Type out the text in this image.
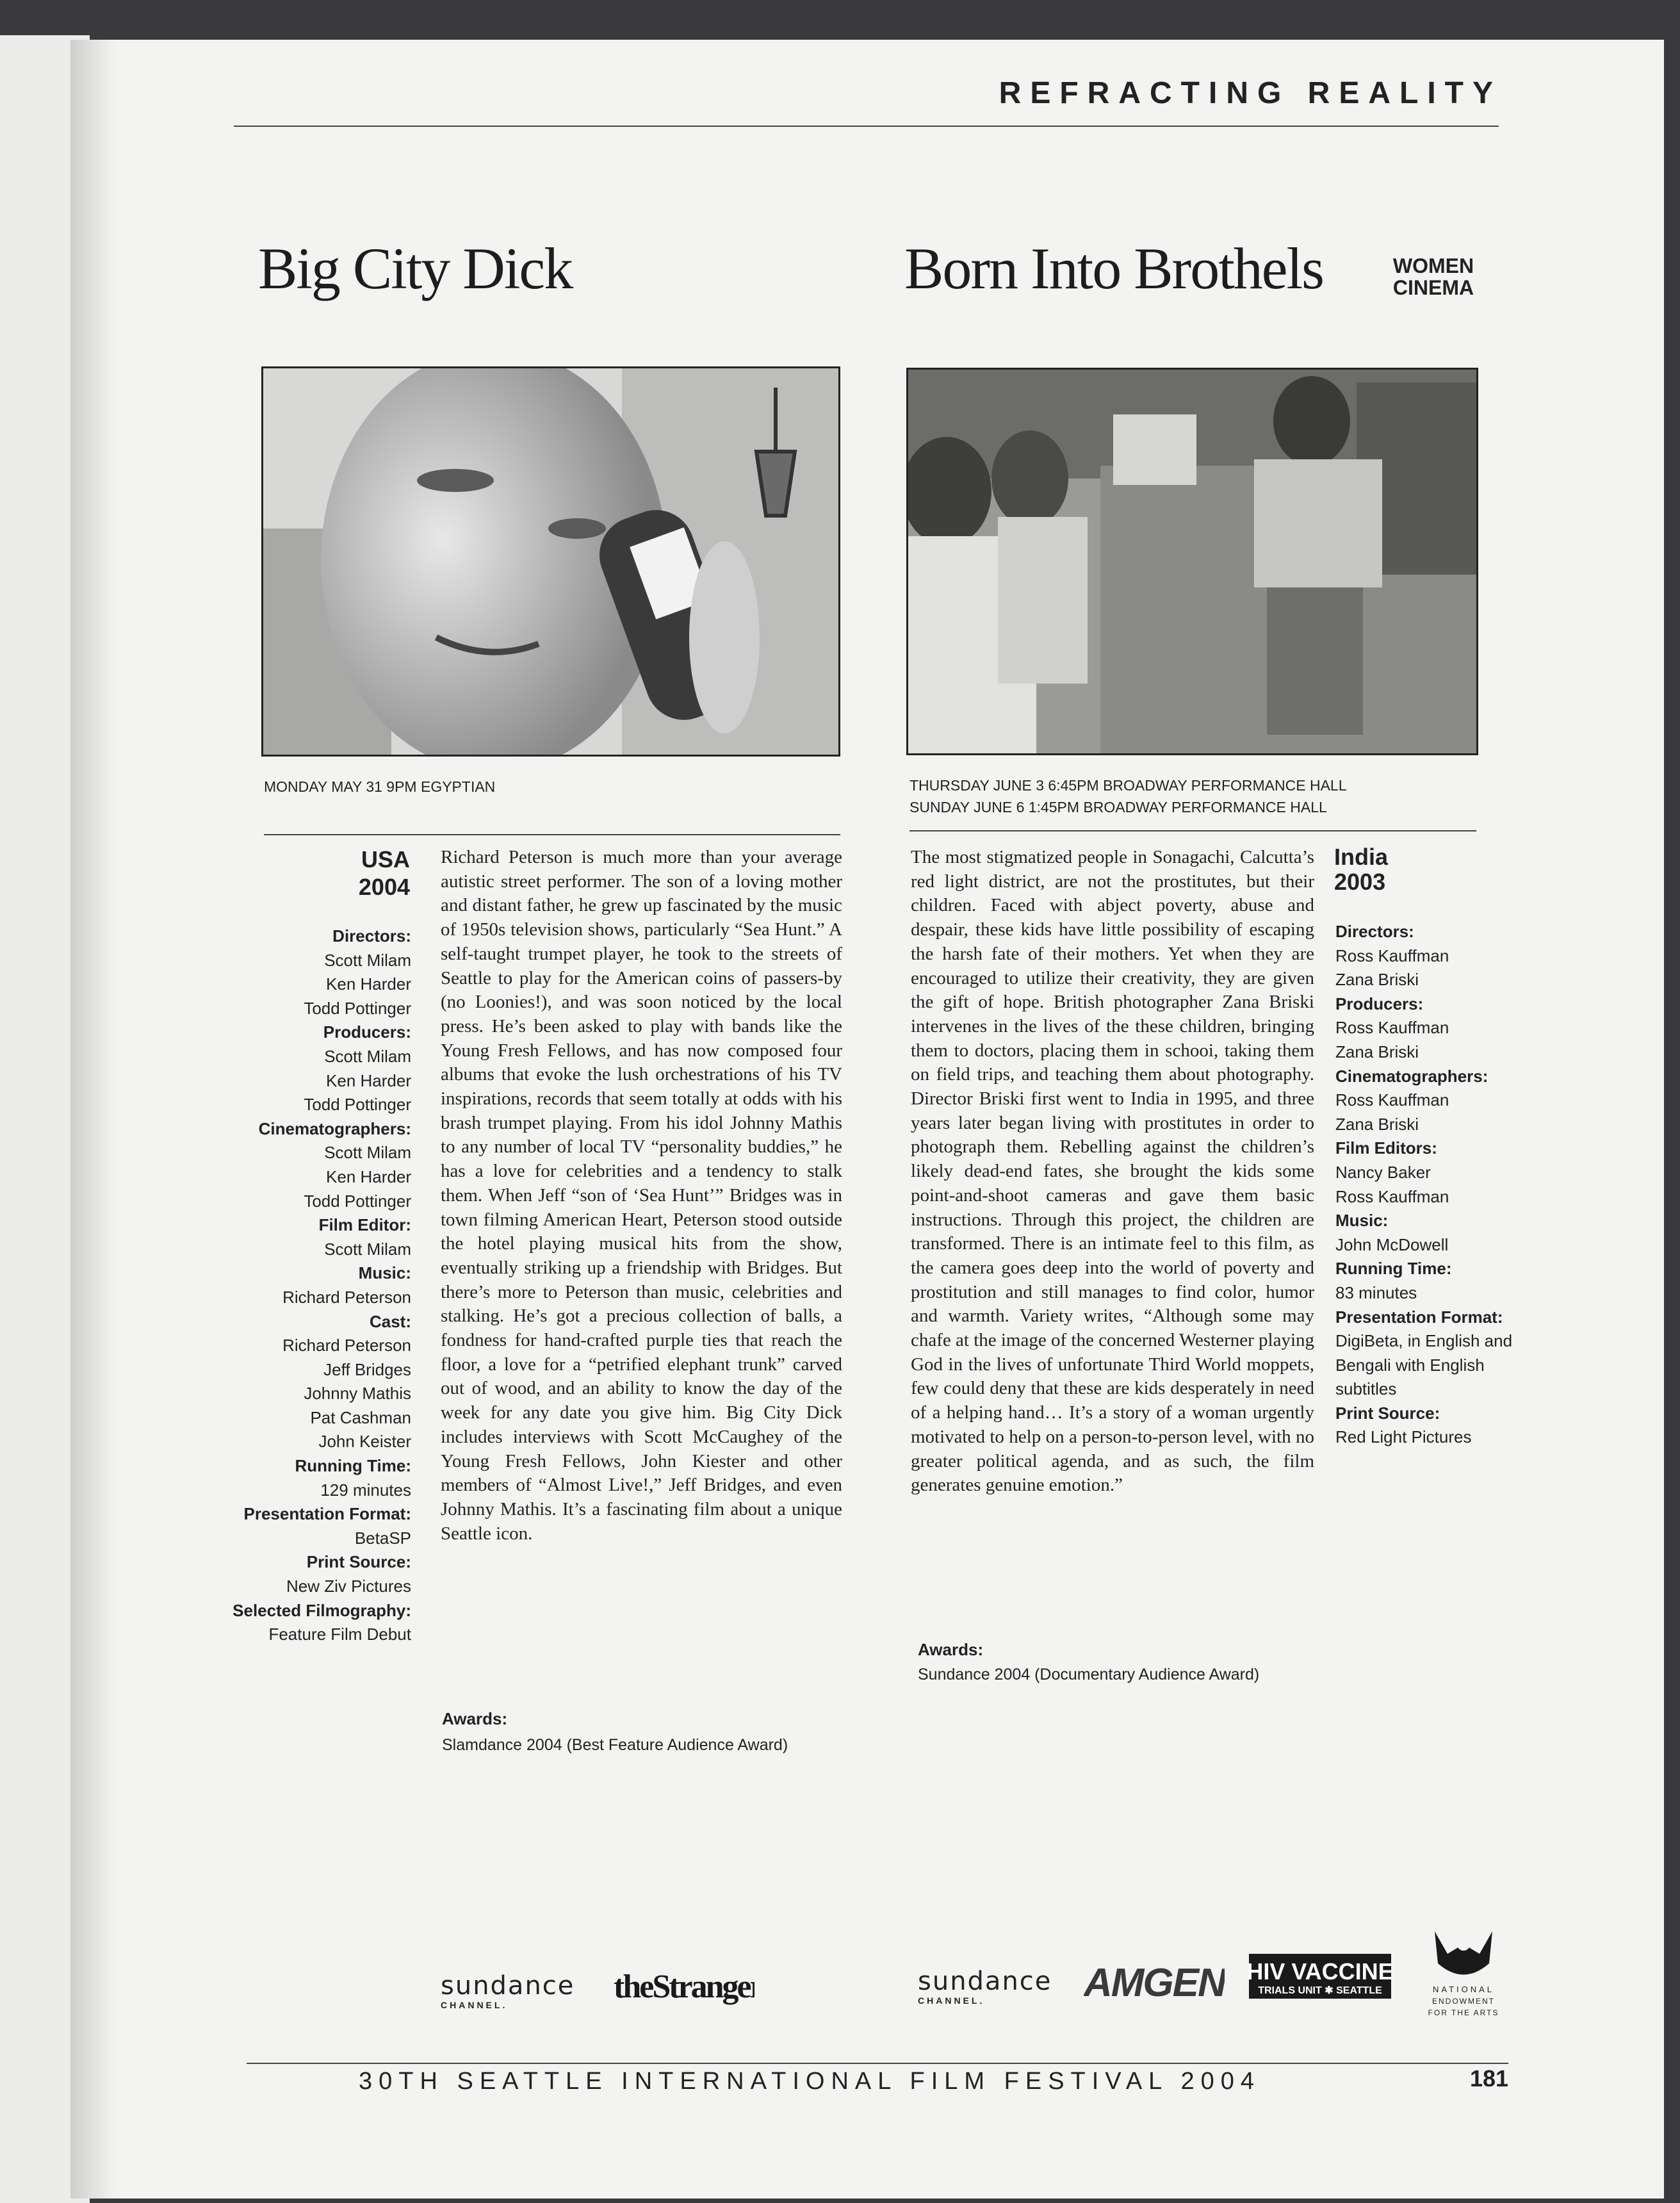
REFRACTING REALITY
Big City Dick
MONDAY MAY 31 9PM EGYPTIAN
USA
2004
Directors:
Scott Milam
Ken Harder
Todd Pottinger
Producers:
Scott Milam
Ken Harder
Todd Pottinger
Cinematographers:
Scott Milam
Ken Harder
Todd Pottinger
Film Editor:
Scott Milam
Music:
Richard Peterson
Cast:
Richard Peterson
Jeff Bridges
Johnny Mathis
Pat Cashman
John Keister
Running Time:
129 minutes
Presentation Format:
BetaSP
Print Source:
New Ziv Pictures
Selected Filmography:
Feature Film Debut
Richard Peterson is much more than your average autistic street performer. The son of a loving mother and distant father, he grew up fascinated by the music of 1950s television shows, particularly “Sea Hunt.” A self-taught trumpet player, he took to the streets of Seattle to play for the American coins of passers-by (no Loonies!), and was soon noticed by the local press. He’s been asked to play with bands like the Young Fresh Fellows, and has now composed four albums that evoke the lush orchestrations of his TV inspirations, records that seem totally at odds with his brash trumpet playing. From his idol Johnny Mathis to any number of local TV “personality buddies,” he has a love for celebrities and a tendency to stalk them. When Jeff “son of ‘Sea Hunt’” Bridges was in town filming American Heart, Peterson stood outside the hotel playing musical hits from the show, eventually striking up a friendship with Bridges. But there’s more to Peterson than music, celebrities and stalking. He’s got a precious collection of balls, a fondness for hand-crafted purple ties that reach the floor, a love for a “petrified elephant trunk” carved out of wood, and an ability to know the day of the week for any date you give him. Big City Dick includes interviews with Scott McCaughey of the Young Fresh Fellows, John Kiester and other members of “Almost Live!,” Jeff Bridges, and even Johnny Mathis. It’s a fascinating film about a unique Seattle icon.
Awards:
Slamdance 2004 (Best Feature Audience Award)
sundance
CHANNEL.	theStranger
Born Into Brothels	WOMEN CINEMA
THURSDAY JUNE 3 6:45PM BROADWAY PERFORMANCE HALL
SUNDAY JUNE 6 1:45PM BROADWAY PERFORMANCE HALL
The most stigmatized people in Sonagachi, Calcutta’s red light district, are not the prostitutes, but their children. Faced with abject poverty, abuse and despair, these kids have little possibility of escaping the harsh fate of their mothers. Yet when they are encouraged to utilize their creativity, they are given the gift of hope. British photographer Zana Briski intervenes in the lives of the these children, bringing them to doctors, placing them in schooi, taking them on field trips, and teaching them about photography. Director Briski first went to India in 1995, and three years later began living with prostitutes in order to photograph them. Rebelling against the children’s likely dead-end fates, she brought the kids some point-and-shoot cameras and gave them basic instructions. Through this project, the children are transformed. There is an intimate feel to this film, as the camera goes deep into the world of poverty and prostitution and still manages to find color, humor and warmth. Variety writes, “Although some may chafe at the image of the concerned Westerner playing God in the lives of unfortunate Third World moppets, few could deny that these are kids desperately in need of a helping hand… It’s a story of a woman urgently motivated to help on a person-to-person level, with no greater political agenda, and as such, the film generates genuine emotion.”
India
2003
Directors:
Ross Kauffman
Zana Briski
Producers:
Ross Kauffman
Zana Briski
Cinematographers:
Ross Kauffman
Zana Briski
Film Editors:
Nancy Baker
Ross Kauffman
Music:
John McDowell
Running Time:
83 minutes
Presentation Format:
DigiBeta, in English and Bengali with English subtitles
Print Source:
Red Light Pictures
Awards:
Sundance 2004 (Documentary Audience Award)
sundance
CHANNEL. AMGEN HIV VACCINE
TRIALS UNIT ✱ SEATTLE	NATIONAL
ENDOWMENT
FOR THE ARTS
30TH SEATTLE INTERNATIONAL FILM FESTIVAL 2004	181
